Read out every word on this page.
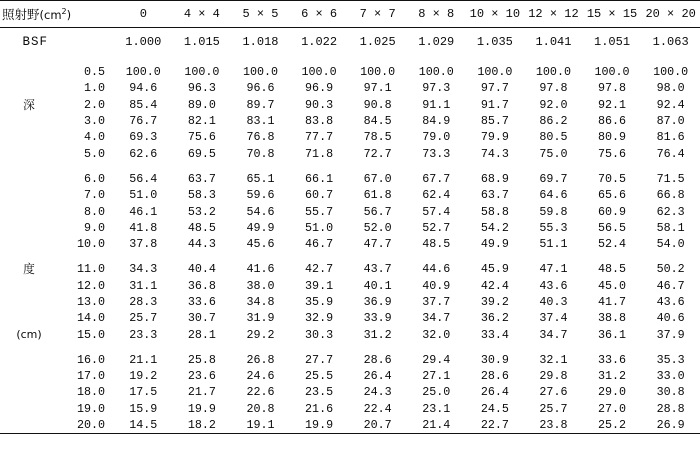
照射野$(cm^2)$		0	4 × 4	5 × 5	6 × 6	7 × 7	8 × 8	10 × 10	12 × 12	15 × 15	20 × 20
BSF		1.000	1.015	1.018	1.022	1.025	1.029	1.035	1.041	1.051	1.063

	0.5	100.0	100.0	100.0	100.0	100.0	100.0	100.0	100.0	100.0	100.0
	1.0	94.6	96.3	96.6	96.9	97.1	97.3	97.7	97.8	97.8	98.0
深	2.0	85.4	89.0	89.7	90.3	90.8	91.1	91.7	92.0	92.1	92.4
	3.0	76.7	82.1	83.1	83.8	84.5	84.9	85.7	86.2	86.6	87.0
	4.0	69.3	75.6	76.8	77.7	78.5	79.0	79.9	80.5	80.9	81.6
	5.0	62.6	69.5	70.8	71.8	72.7	73.3	74.3	75.0	75.6	76.4

	6.0	56.4	63.7	65.1	66.1	67.0	67.7	68.9	69.7	70.5	71.5
	7.0	51.0	58.3	59.6	60.7	61.8	62.4	63.7	64.6	65.6	66.8
	8.0	46.1	53.2	54.6	55.7	56.7	57.4	58.8	59.8	60.9	62.3
	9.0	41.8	48.5	49.9	51.0	52.0	52.7	54.2	55.3	56.5	58.1
	10.0	37.8	44.3	45.6	46.7	47.7	48.5	49.9	51.1	52.4	54.0

度	11.0	34.3	40.4	41.6	42.7	43.7	44.6	45.9	47.1	48.5	50.2
	12.0	31.1	36.8	38.0	39.1	40.1	40.9	42.4	43.6	45.0	46.7
	13.0	28.3	33.6	34.8	35.9	36.9	37.7	39.2	40.3	41.7	43.6
	14.0	25.7	30.7	31.9	32.9	33.9	34.7	36.2	37.4	38.8	40.6
(cm)	15.0	23.3	28.1	29.2	30.3	31.2	32.0	33.4	34.7	36.1	37.9

	16.0	21.1	25.8	26.8	27.7	28.6	29.4	30.9	32.1	33.6	35.3
	17.0	19.2	23.6	24.6	25.5	26.4	27.1	28.6	29.8	31.2	33.0
	18.0	17.5	21.7	22.6	23.5	24.3	25.0	26.4	27.6	29.0	30.8
	19.0	15.9	19.9	20.8	21.6	22.4	23.1	24.5	25.7	27.0	28.8
	20.0	14.5	18.2	19.1	19.9	20.7	21.4	22.7	23.8	25.2	26.9
